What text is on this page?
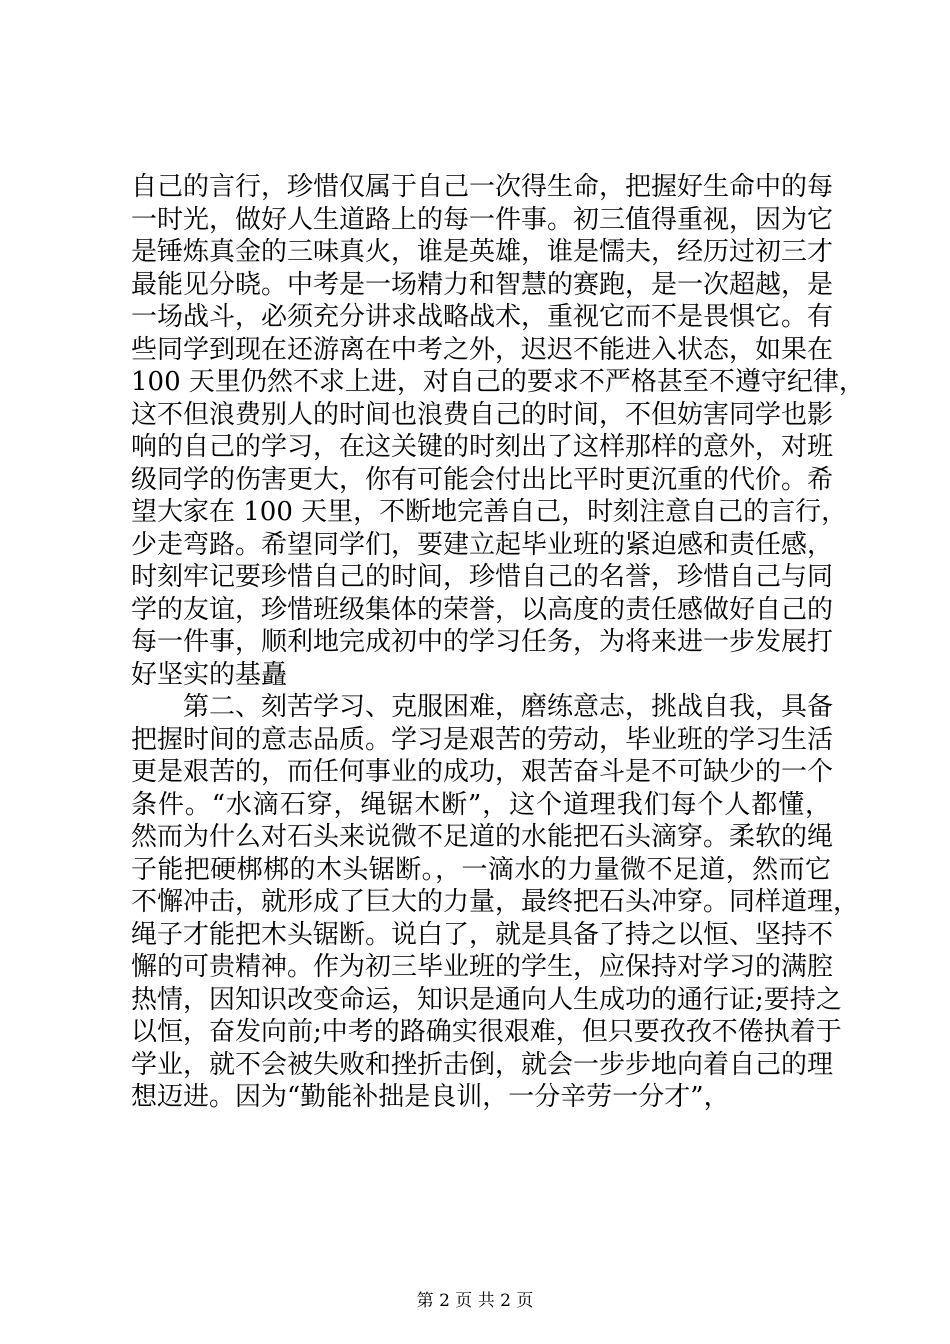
自己的言行，珍惜仅属于自己一次得生命，把握好生命中的每
一时光，做好人生道路上的每一件事。初三值得重视，因为它
是锤炼真金的三味真火，谁是英雄，谁是懦夫，经历过初三才
最能见分晓。中考是一场精力和智慧的赛跑，是一次超越，是
一场战斗，必须充分讲求战略战术，重视它而不是畏惧它。有
些同学到现在还游离在中考之外，迟迟不能进入状态，如果在
100 天里仍然不求上进，对自己的要求不严格甚至不遵守纪律，
这不但浪费别人的时间也浪费自己的时间，不但妨害同学也影
响的自己的学习，在这关键的时刻出了这样那样的意外，对班
级同学的伤害更大，你有可能会付出比平时更沉重的代价。希
望大家在 100 天里，不断地完善自己，时刻注意自己的言行，
少走弯路。希望同学们，要建立起毕业班的紧迫感和责任感，
时刻牢记要珍惜自己的时间，珍惜自己的名誉，珍惜自己与同
学的友谊，珍惜班级集体的荣誉，以高度的责任感做好自己的
每一件事，顺利地完成初中的学习任务，为将来进一步发展打
好坚实的基矗
　　第二、刻苦学习、克服困难，磨练意志，挑战自我，具备
把握时间的意志品质。学习是艰苦的劳动，毕业班的学习生活
更是艰苦的，而任何事业的成功，艰苦奋斗是不可缺少的一个
条件。“水滴石穿，绳锯木断”，这个道理我们每个人都懂，
然而为什么对石头来说微不足道的水能把石头滴穿。柔软的绳
子能把硬梆梆的木头锯断。，一滴水的力量微不足道，然而它
不懈冲击，就形成了巨大的力量，最终把石头冲穿。同样道理，
绳子才能把木头锯断。说白了，就是具备了持之以恒、坚持不
懈的可贵精神。作为初三毕业班的学生，应保持对学习的满腔
热情，因知识改变命运，知识是通向人生成功的通行证;要持之
以恒，奋发向前;中考的路确实很艰难，但只要孜孜不倦执着于
学业，就不会被失败和挫折击倒，就会一步步地向着自己的理
想迈进。因为“勤能补拙是良训，一分辛劳一分才”，
第 2 页 共 2 页
